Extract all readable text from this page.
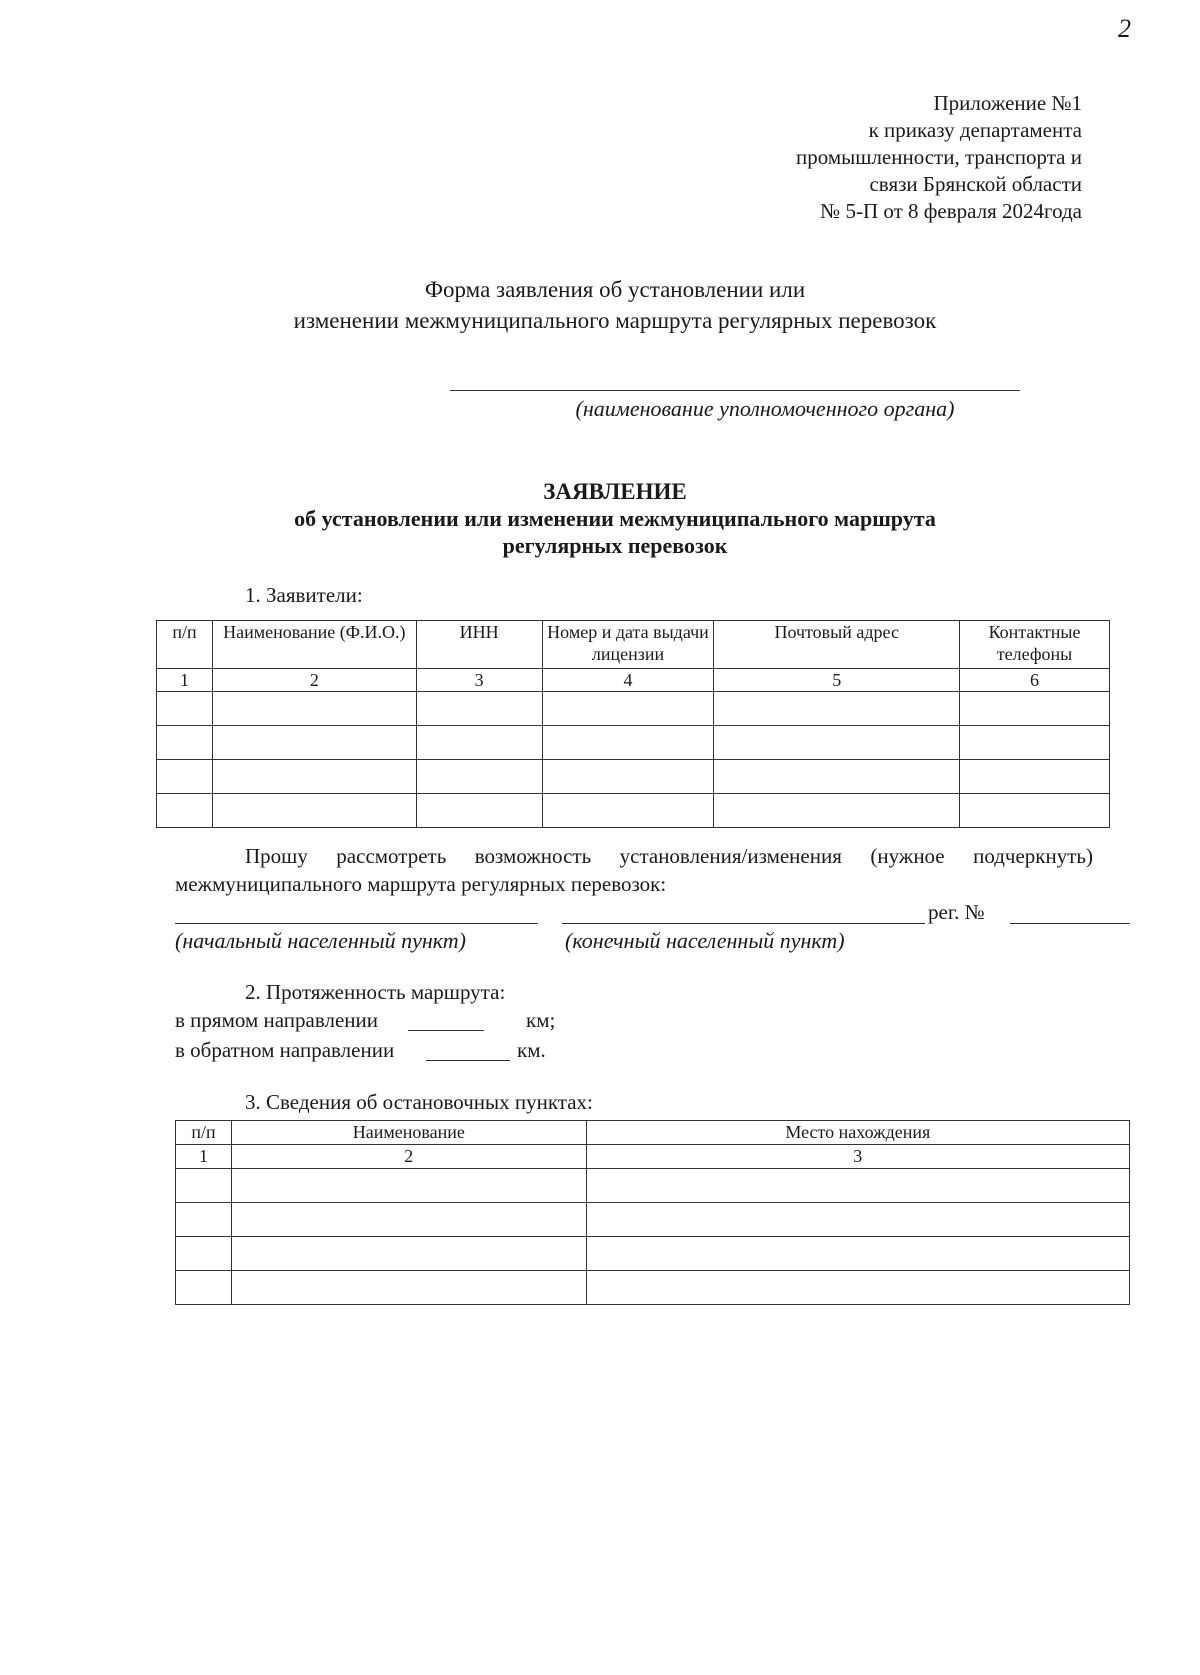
2
Приложение №1
к приказу департамента
промышленности, транспорта и
связи Брянской области
№ 5-П от 8 февраля 2024года
Форма заявления об установлении или
изменении межмуниципального маршрута регулярных перевозок
(наименование уполномоченного органа)
ЗАЯВЛЕНИЕ
об установлении или изменении межмуниципального маршрута
регулярных перевозок
1. Заявители:
п/п	Наименование (Ф.И.О.)	ИНН	Номер и дата выдачи лицензии	Почтовый адрес	Контактные телефоны
1	2	3	4	5	6

Прошу рассмотреть возможность установления/изменения (нужное подчеркнуть)
межмуниципального маршрута регулярных перевозок:
рег. №
(начальный населенный пункт)	(конечный населенный пункт)
2. Протяженность маршрута:
в прямом направлении	км;
в обратном направлении	км.
3. Сведения об остановочных пунктах:
п/п	Наименование	Место нахождения
1	2	3
